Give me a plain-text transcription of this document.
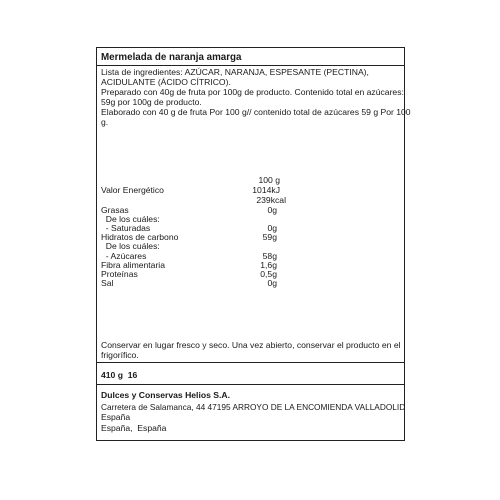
Mermelada de naranja amarga
Lista de ingredientes: AZÚCAR, NARANJA, ESPESANTE (PECTINA),
ACIDULANTE (ÁCIDO CÍTRICO).
Preparado con 40g de fruta por 100g de producto. Contenido total en azúcares:
59g por 100g de producto.
Elaborado con 40 g de fruta Por 100 g// contenido total de azúcares 59 g Por 100
g.
100 g
Valor Energético	1014kJ
239kcal
Grasas	0g
De los cuáles:
- Saturadas	0g
Hidratos de carbono	59g
De los cuáles:
- Azúcares	58g
Fibra alimentaria	1,6g
Proteínas	0,5g
Sal	0g
Conservar en lugar fresco y seco. Una vez abierto, conservar el producto en el
frigorífico.
410 g  16
Dulces y Conservas Helios S.A.
Carretera de Salamanca, 44 47195 ARROYO DE LA ENCOMIENDA VALLADOLID
España
España,  España
